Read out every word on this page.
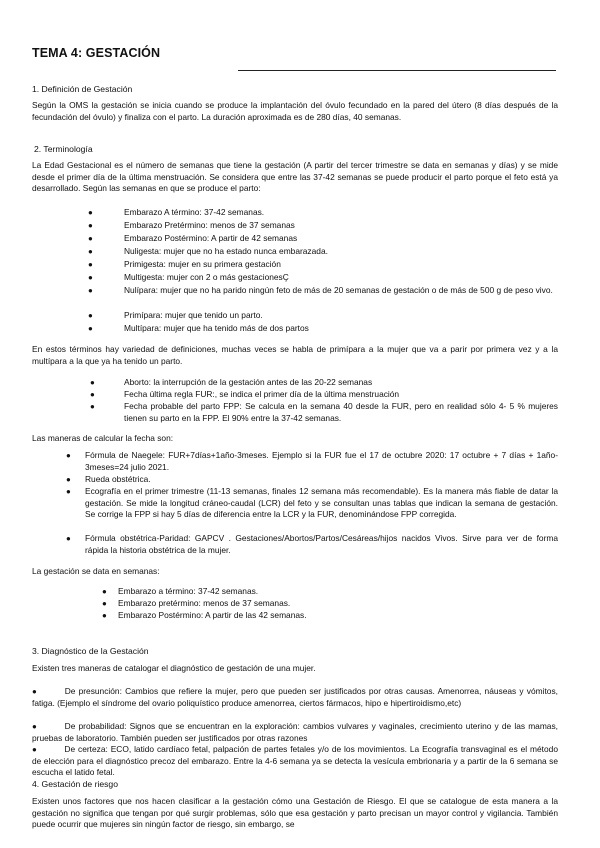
TEMA 4: GESTACIÓN
1. Definición de Gestación
Según la OMS la gestación se inicia cuando se produce la implantación del óvulo fecundado en la pared del útero (8 días después de la fecundación del óvulo) y finaliza con el parto. La duración aproximada es de 280 días, 40 semanas.
2. Terminología
La Edad Gestacional es el número de semanas que tiene la gestación (A partir del tercer trimestre se data en semanas y días) y se mide desde el primer día de la última menstruación. Se considera que entre las 37-42 semanas se puede producir el parto porque el feto está ya desarrollado. Según las semanas en que se produce el parto:
●	Embarazo A término: 37-42 semanas.
●	Embarazo Pretérmino: menos de 37 semanas
●	Embarazo Postérmino: A partir de 42 semanas
●	Nuligesta: mujer que no ha estado nunca embarazada.
●	Primigesta: mujer en su primera gestación
●	Multigesta: mujer con 2 o más gestacionesÇ
●	Nulípara: mujer que no ha parido ningún feto de más de 20 semanas de gestación o de más de 500 g de peso vivo.
●	Primípara: mujer que tenido un parto.
●	Multípara: mujer que ha tenido más de dos partos
En estos términos hay variedad de definiciones, muchas veces se habla de primípara a la mujer que va a parir por primera vez y a la multípara a la que ya ha tenido un parto.
●	Aborto: la interrupción de la gestación antes de las 20-22 semanas
●	Fecha última regla FUR:, se indica el primer día de la última menstruación
●	Fecha probable del parto FPP: Se calcula en la semana 40 desde la FUR, pero en realidad sólo 4- 5 % mujeres tienen su parto en la FPP. El 90% entre la 37-42 semanas.
Las maneras de calcular la fecha son:
● Fórmula de Naegele: FUR+7días+1año-3meses. Ejemplo si la FUR fue el 17 de octubre 2020: 17 octubre + 7 días + 1año-3meses=24 julio 2021.
● Rueda obstétrica.
● Ecografía en el primer trimestre (11-13 semanas, finales 12 semana más recomendable). Es la manera más fiable de datar la gestación. Se mide la longitud cráneo-caudal (LCR) del feto y se consultan unas tablas que indican la semana de gestación. Se corrige la FPP si hay 5 días de diferencia entre la LCR y la FUR, denominándose FPP corregida.
● Fórmula obstétrica-Paridad: GAPCV . Gestaciones/Abortos/Partos/Cesáreas/hijos nacidos Vivos. Sirve para ver de forma rápida la historia obstétrica de la mujer.
La gestación se data en semanas:
● Embarazo a término: 37-42 semanas.
● Embarazo pretérmino: menos de 37 semanas.
● Embarazo Postérmino: A partir de las 42 semanas.
3. Diagnóstico de la Gestación
Existen tres maneras de catalogar el diagnóstico de gestación de una mujer.
●	De presunción: Cambios que refiere la mujer, pero que pueden ser justificados por otras causas. Amenorrea, náuseas y vómitos, fatiga. (Ejemplo el síndrome del ovario poliquístico produce amenorrea, ciertos fármacos, hipo e hipertiroidismo,etc)
●	De probabilidad: Signos que se encuentran en la exploración: cambios vulvares y vaginales, crecimiento uterino y de las mamas, pruebas de laboratorio. También pueden ser justificados por otras razones
●	De certeza: ECO, latido cardíaco fetal, palpación de partes fetales y/o de los movimientos. La Ecografía transvaginal es el método de elección para el diagnóstico precoz del embarazo. Entre la 4-6 semana ya se detecta la vesícula embrionaria y a partir de la 6 semana se escucha el latido fetal.
4. Gestación de riesgo
Existen unos factores que nos hacen clasificar a la gestación cómo una Gestación de Riesgo. El que se catalogue de esta manera a la gestación no significa que tengan por qué surgir problemas, sólo que esa gestación y parto precisan un mayor control y vigilancia. También puede ocurrir que mujeres sin ningún factor de riesgo, sin embargo, se
